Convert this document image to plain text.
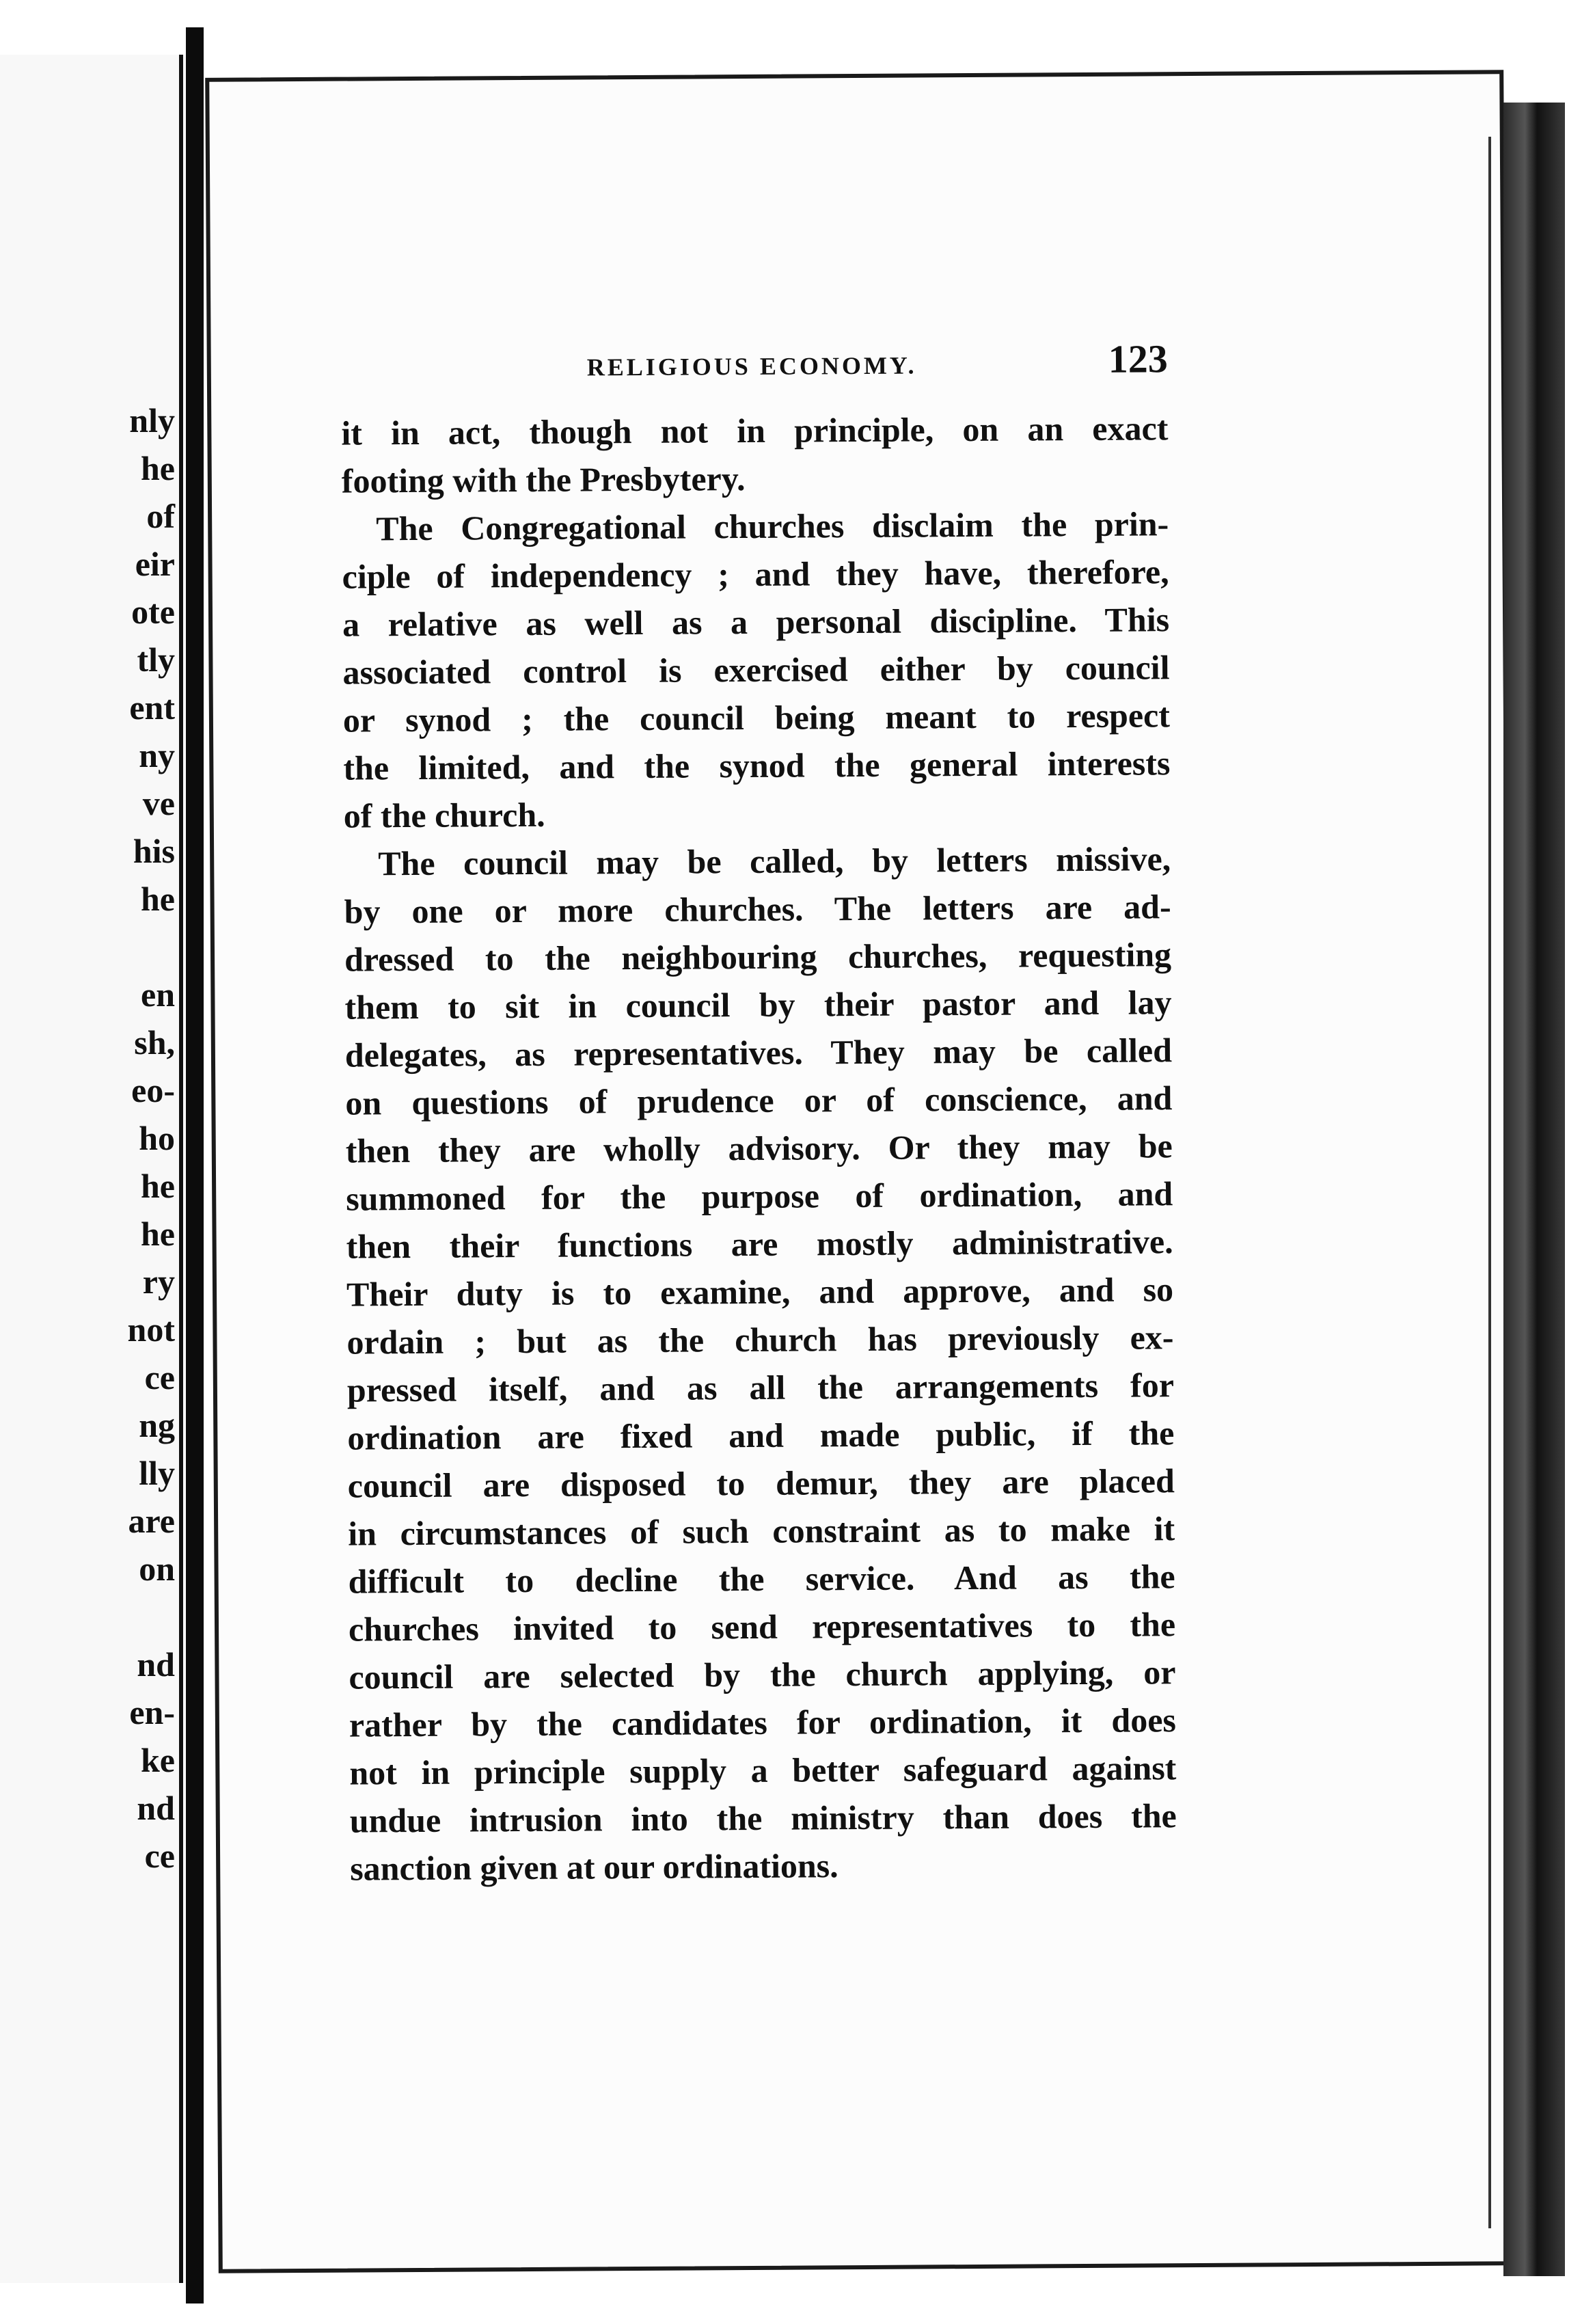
nly
he
of
eir
ote
tly
ent
ny
ve
his
he
en
sh,
eo-
ho
he
he
ry
not
ce
ng
lly
are
on
nd
en-
ke
nd
ce
RELIGIOUS ECONOMY.	123

it in act, though not in principle, on an exact
footing with the Presbytery.

The Congregational churches disclaim the prin-
ciple of independency ; and they have, therefore,
a relative as well as a personal discipline. This
associated control is exercised either by council
or synod ; the council being meant to respect
the limited, and the synod the general interests
of the church.

The council may be called, by letters missive,
by one or more churches. The letters are ad-
dressed to the neighbouring churches, requesting
them to sit in council by their pastor and lay
delegates, as representatives. They may be called
on questions of prudence or of conscience, and
then they are wholly advisory. Or they may be
summoned for the purpose of ordination, and
then their functions are mostly administrative.
Their duty is to examine, and approve, and so
ordain ; but as the church has previously ex-
pressed itself, and as all the arrangements for
ordination are fixed and made public, if the
council are disposed to demur, they are placed
in circumstances of such constraint as to make it
difficult to decline the service. And as the
churches invited to send representatives to the
council are selected by the church applying, or
rather by the candidates for ordination, it does
not in principle supply a better safeguard against
undue intrusion into the ministry than does the
sanction given at our ordinations.
